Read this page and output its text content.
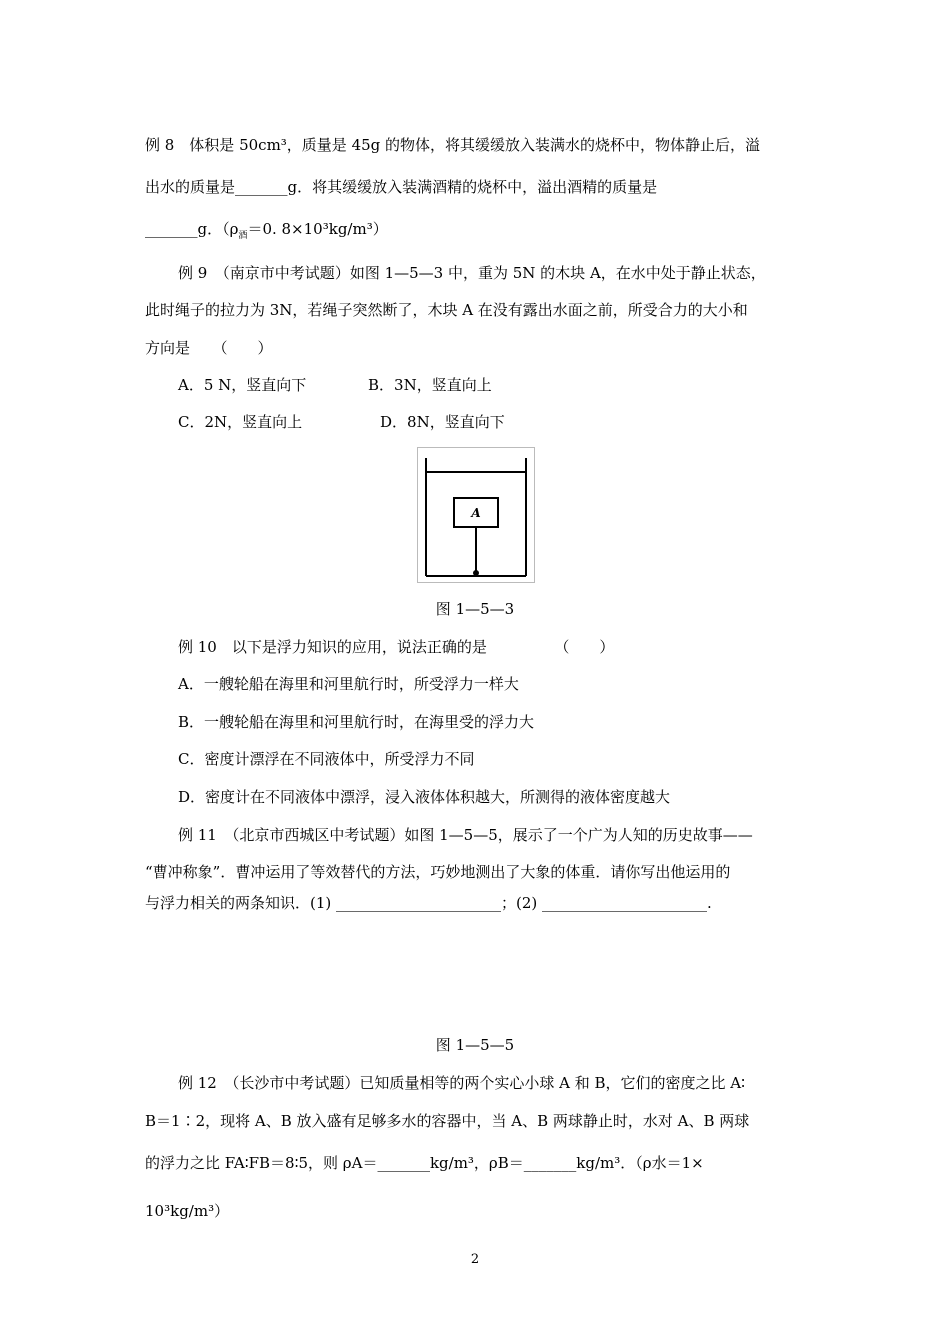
例 8　体积是 50cm³，质量是 45g 的物体，将其缓缓放入装满水的烧杯中，物体静止后，溢
出水的质量是_______g．将其缓缓放入装满酒精的烧杯中，溢出酒精的质量是
_______g．（$\rho_酒=0$. 8×10³kg/m³）
例 9　（南京市中考试题）如图 1—5—3 中，重为 5N 的木块 A，在水中处于静止状态，
此时绳子的拉力为 3N，若绳子突然断了，木块 A 在没有露出水面之前，所受合力的大小和
方向是　　（　　）
A．5 N，竖直向下	B．3N，竖直向上
C．2N，竖直向上	D．8N，竖直向下
A
图 1—5—3
例 10　以下是浮力知识的应用，说法正确的是　　　　　（　　）
A．一艘轮船在海里和河里航行时，所受浮力一样大
B．一艘轮船在海里和河里航行时，在海里受的浮力大
C．密度计漂浮在不同液体中，所受浮力不同
D．密度计在不同液体中漂浮，浸入液体体积越大，所测得的液体密度越大
例 11　（北京市西城区中考试题）如图 1—5—5，展示了一个广为人知的历史故事——
“曹冲称象”．曹冲运用了等效替代的方法，巧妙地测出了大象的体重．请你写出他运用的
与浮力相关的两条知识．(1) ______________________；(2) ______________________.
图 1—5—5
例 12　（长沙市中考试题）已知质量相等的两个实心小球 A 和 B，它们的密度之比 A∶
B＝1∶2，现将 A、B 放入盛有足够多水的容器中，当 A、B 两球静止时，水对 A、B 两球
的浮力之比 FA∶FB＝8∶5，则 ρA＝_______kg/m³，ρB＝_______kg/m³．（ρ水＝1×
10³kg/m³）
2
